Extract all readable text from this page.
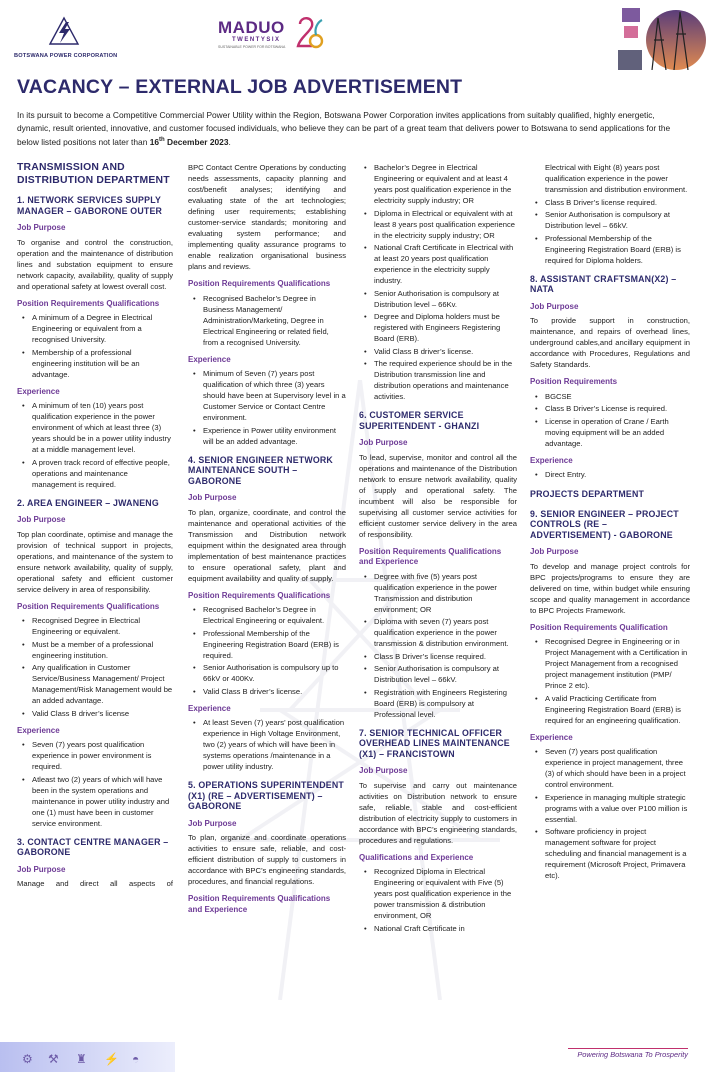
BOTSWANA POWER CORPORATION
MADUO
TWENTYSIX
SUSTAINABLE POWER FOR BOTSWANA
VACANCY – EXTERNAL JOB ADVERTISEMENT
In its pursuit to become a Competitive Commercial Power Utility within the Region, Botswana Power Corporation invites applications from suitably qualified, highly energetic, dynamic, result oriented, innovative, and customer focused individuals, who believe they can be part of a great team that delivers power to Botswana to send applications for the below listed positions not later than 16th December 2023.
TRANSMISSION AND DISTRIBUTION DEPARTMENT
1. NETWORK SERVICES SUPPLY MANAGER – GABORONE OUTER
Job Purpose
To organise and control the construction, operation and the maintenance of distribution lines and substation equipment to ensure network capacity, availability, quality of supply and operational safety at lowest overall cost.
Position Requirements Qualifications
• A minimum of a Degree in Electrical Engineering or equivalent from a recognised University.
• Membership of a professional engineering institution will be an advantage.
Experience
• A minimum of ten (10) years post qualification experience in the power environment of which at least three (3) years should be in a power utility industry at a middle management level.
• A proven track record of effective people, operations and maintenance management is required.
2. AREA ENGINEER – JWANENG
Job Purpose
Top plan coordinate, optimise and manage the provision of technical support in projects, operations, and maintenance of the system to ensure network availability, quality of supply, operational safety and efficient customer service delivery in area of responsibility.
Position Requirements Qualifications
• Recognised Degree in Electrical Engineering or equivalent.
• Must be a member of a professional engineering institution.
• Any qualification in Customer Service/Business Management/ Project Management/Risk Management would be an added advantage.
• Valid Class B driver’s license
Experience
• Seven (7) years post qualification experience in power environment is required.
• Atleast two (2) years of which will have been in the system operations and maintenance in power utility industry and one (1) must have been in customer service environment.
3. CONTACT CENTRE MANAGER – GABORONE
Job Purpose
Manage and direct all aspects of
BPC Contact Centre Operations by conducting needs assessments, capacity planning and cost/benefit analyses; identifying and evaluating state of the art technologies; defining user requirements; establishing customer-service standards; monitoring and evaluating system performance; and implementing quality assurance programs to enable realization organisational business plans and reviews.
Position Requirements Qualifications
• Recognised Bachelor’s Degree in Business Management/ Administration/Marketing, Degree in Electrical Engineering or related field, from a recognised University.
Experience
• Minimum of Seven (7) years post qualification of which three (3) years should have been at Supervisory level in a Customer Service or Contact Centre environment.
• Experience in Power utility environment will be an added advantage.
4. SENIOR ENGINEER NETWORK MAINTENANCE SOUTH – GABORONE
Job Purpose
To plan, organize, coordinate, and control the maintenance and operational activities of the Transmission and Distribution network equipment within the designated area through implementation of best maintenance practices to ensure operational safety, plant and equipment availability and quality of supply.
Position Requirements Qualifications
• Recognised Bachelor’s Degree in Electrical Engineering or equivalent.
• Professional Membership of the Engineering Registration Board (ERB) is required.
• Senior Authorisation is compulsory up to 66kV or 400Kv.
• Valid Class B driver’s license.
Experience
• At least Seven (7) years’ post qualification experience in High Voltage Environment, two (2) years of which will have been in systems operations /maintenance in a power utility industry.
5. OPERATIONS SUPERINTENDENT (X1) (RE – ADVERTISEMENT) – GABORONE
Job Purpose
To plan, organize and coordinate operations activities to ensure safe, reliable, and cost-efficient distribution of supply to customers in accordance with BPC’s engineering standards, procedures, and financial regulations.
Position Requirements Qualifications and Experience
• Bachelor’s Degree in Electrical Engineering or equivalent and at least 4 years post qualification experience in the electricity supply industry; OR
• Diploma in Electrical or equivalent with at least 8 years post qualification experience in the electricity supply industry; OR
• National Craft Certificate in Electrical with at least 20 years post qualification experience in the electricity supply industry.
• Senior Authorisation is compulsory at Distribution level – 66Kv.
• Degree and Diploma holders must be registered with Engineers Registering Board (ERB).
• Valid Class B driver’s license.
• The required experience should be in the Distribution transmission line and distribution operations and maintenance activities.
6. CUSTOMER SERVICE SUPERITENDENT - GHANZI
Job Purpose
To lead, supervise, monitor and control all the operations and maintenance of the Distribution network to ensure network availability, quality of supply and operational safety. The incumbent will also be responsible for supervising all customer service activities for efficient customer service delivery in the area of responsibility.
Position Requirements Qualifications and Experience
• Degree with five (5) years post qualification experience in the power Transmission and distribution environment; OR
• Diploma with seven (7) years post qualification experience in the power transmission & distribution environment.
• Class B Driver’s license required.
• Senior Authorisation is compulsory at Distribution level – 66kV.
• Registration with Engineers Registering Board (ERB) is compulsory at Professional level.
7. SENIOR TECHNICAL OFFICER OVERHEAD LINES MAINTENANCE (X1) – FRANCISTOWN
Job Purpose
To supervise and carry out maintenance activities on Distribution network to ensure safe, reliable, stable and cost-efficient distribution of electricity supply to customers in accordance with BPC’s engineering standards, procedures and regulations.
Qualifications and Experience
• Recognized Diploma in Electrical Engineering or equivalent with Five (5) years post qualification experience in the power transmission & distribution environment, OR
• National Craft Certificate in
Electrical with Eight (8) years post qualification experience in the power transmission and distribution environment.
• Class B Driver’s license required.
• Senior Authorisation is compulsory at Distribution level – 66kV.
• Professional Membership of the Engineering Registration Board (ERB) is required for Diploma holders.
8. ASSISTANT CRAFTSMAN(X2) – NATA
Job Purpose
To provide support in construction, maintenance, and repairs of overhead lines, underground cables,and ancillary equipment in accordance with Procedures, Regulations and Safety Standards.
Position Requirements
• BGCSE
• Class B Driver’s License is required.
• License in operation of Crane / Earth moving equipment will be an added advantage.
Experience
• Direct Entry.
PROJECTS DEPARTMENT
9. SENIOR ENGINEER – PROJECT CONTROLS (RE – ADVERTISEMENT) - GABORONE
Job Purpose
To develop and manage project controls for BPC projects/programs to ensure they are delivered on time, within budget while ensuring scope and quality management in accordance to BPC Projects Framework.
Position Requirements Qualification
• Recognised Degree in Engineering or in Project Management with a Certification in Project Management from a recognised project management institution (PMP/ Prince 2 etc).
• A valid Practicing Certificate from Engineering Registration Board (ERB) is required for an engineering qualification.
Experience
• Seven (7) years post qualification experience in project management, three (3) of which should have been in a project control environment.
• Experience in managing multiple strategic programs with a value over P100 million is essential.
• Software proficiency in project management software for project scheduling and financial management is a requirement (Microsoft Project, Primavera etc).
⚙ ⚒ ♜ ⚡ ◓	Powering Botswana To Prosperity
